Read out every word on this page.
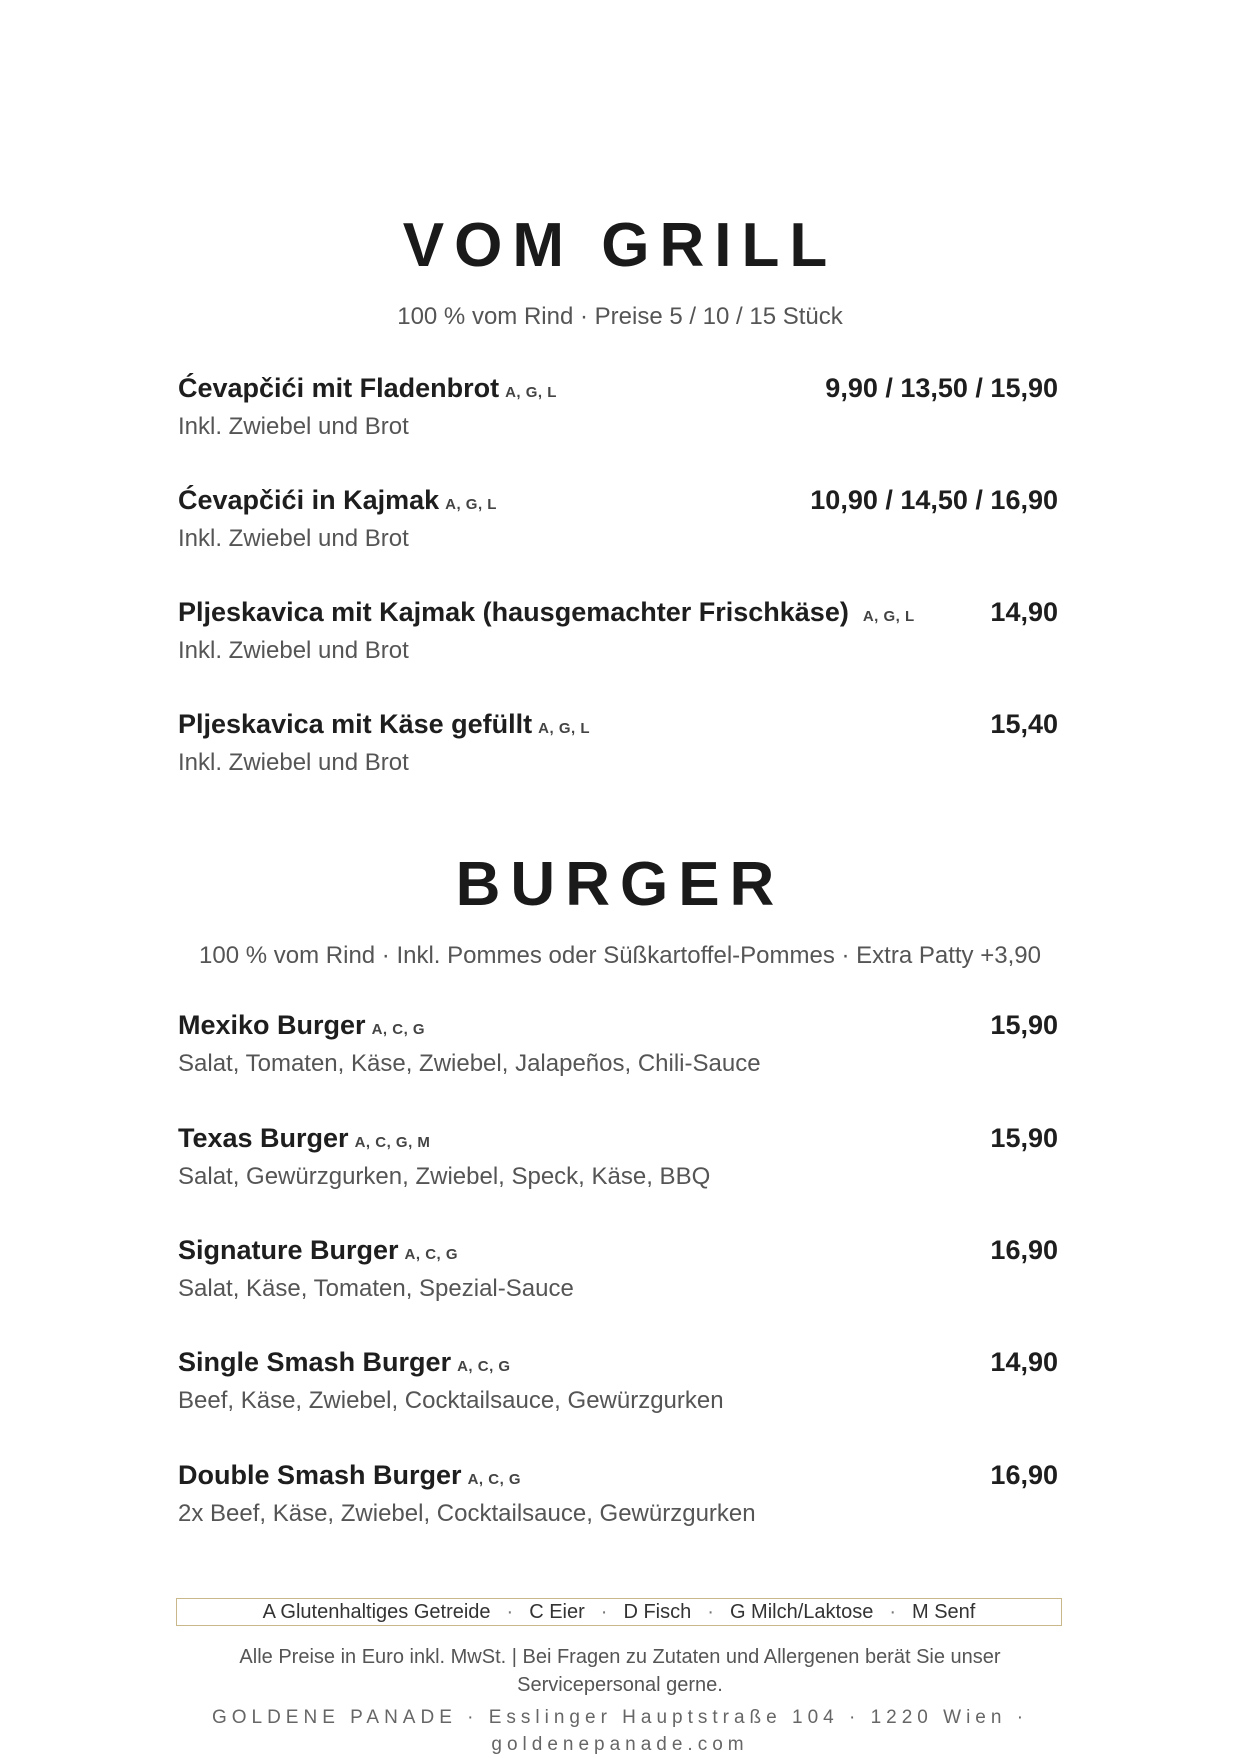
VOM GRILL
100 % vom Rind · Preise 5 / 10 / 15 Stück
Ćevapčići mit Fladenbrot A, G, L	9,90 / 13,50 / 15,90
Inkl. Zwiebel und Brot
Ćevapčići in Kajmak A, G, L	10,90 / 14,50 / 16,90
Inkl. Zwiebel und Brot
Pljeskavica mit Kajmak (hausgemachter Frischkäse) A, G, L	14,90
Inkl. Zwiebel und Brot
Pljeskavica mit Käse gefüllt A, G, L	15,40
Inkl. Zwiebel und Brot
BURGER
100 % vom Rind · Inkl. Pommes oder Süßkartoffel-Pommes · Extra Patty +3,90
Mexiko Burger A, C, G	15,90
Salat, Tomaten, Käse, Zwiebel, Jalapeños, Chili-Sauce
Texas Burger A, C, G, M	15,90
Salat, Gewürzgurken, Zwiebel, Speck, Käse, BBQ
Signature Burger A, C, G	16,90
Salat, Käse, Tomaten, Spezial-Sauce
Single Smash Burger A, C, G	14,90
Beef, Käse, Zwiebel, Cocktailsauce, Gewürzgurken
Double Smash Burger A, C, G	16,90
2x Beef, Käse, Zwiebel, Cocktailsauce, Gewürzgurken
A Glutenhaltiges Getreide · C Eier · D Fisch · G Milch/Laktose · M Senf
Alle Preise in Euro inkl. MwSt. | Bei Fragen zu Zutaten und Allergenen berät Sie unser Servicepersonal gerne.
GOLDENE PANADE · Esslinger Hauptstraße 104 · 1220 Wien · goldenepanade.com
